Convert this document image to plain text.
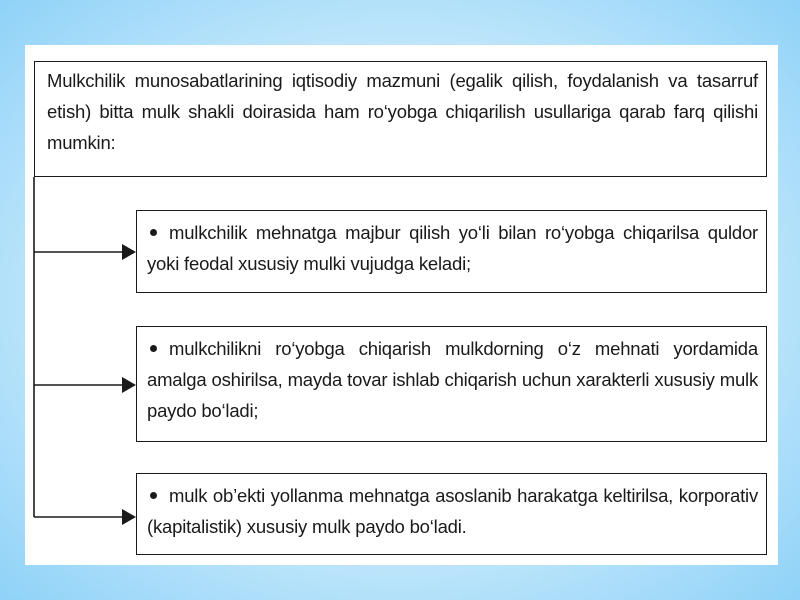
Mulkchilik munosabatlarining iqtisodiy mazmuni (egalik qilish, foydalanish va tasarruf etish) bitta mulk shakli doirasida ham ro‘yobga chiqarilish usullariga qarab farq qilishi mumkin:
mulkchilik mehnatga majbur qilish yo‘li bilan ro‘yobga chiqarilsa quldor yoki feodal xususiy mulki vujudga keladi;
mulkchilikni ro‘yobga chiqarish mulkdorning o‘z mehnati yordamida amalga oshirilsa, mayda tovar ishlab chiqarish uchun xarakterli xususiy mulk paydo bo‘ladi;
mulk ob’ekti yollanma mehnatga asoslanib harakatga keltirilsa, korporativ (kapitalistik) xususiy mulk paydo bo‘ladi.
